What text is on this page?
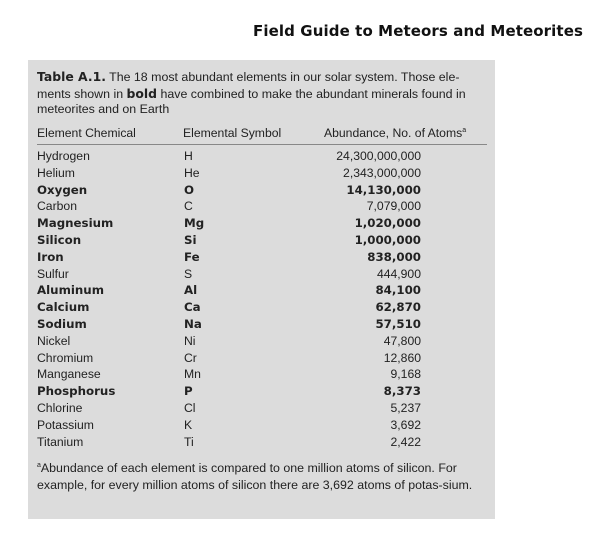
Field Guide to Meteors and Meteorites
Table A.1. The 18 most abundant elements in our solar system. Those ele-ments shown in bold have combined to make the abundant minerals found in meteorites and on Earth
Element Chemical	Elemental Symbol	Abundance, No. of Atoms$^a$
Hydrogen	H	24,300,000,000
Helium	He	2,343,000,000
Oxygen	O	14,130,000
Carbon	C	7,079,000
Magnesium	Mg	1,020,000
Silicon	Si	1,000,000
Iron	Fe	838,000
Sulfur	S	444,900
Aluminum	Al	84,100
Calcium	Ca	62,870
Sodium	Na	57,510
Nickel	Ni	47,800
Chromium	Cr	12,860
Manganese	Mn	9,168
Phosphorus	P	8,373
Chlorine	Cl	5,237
Potassium	K	3,692
Titanium	Ti	2,422
$^a$Abundance of each element is compared to one million atoms of silicon. For example, for every million atoms of silicon there are 3,692 atoms of potas-sium.
